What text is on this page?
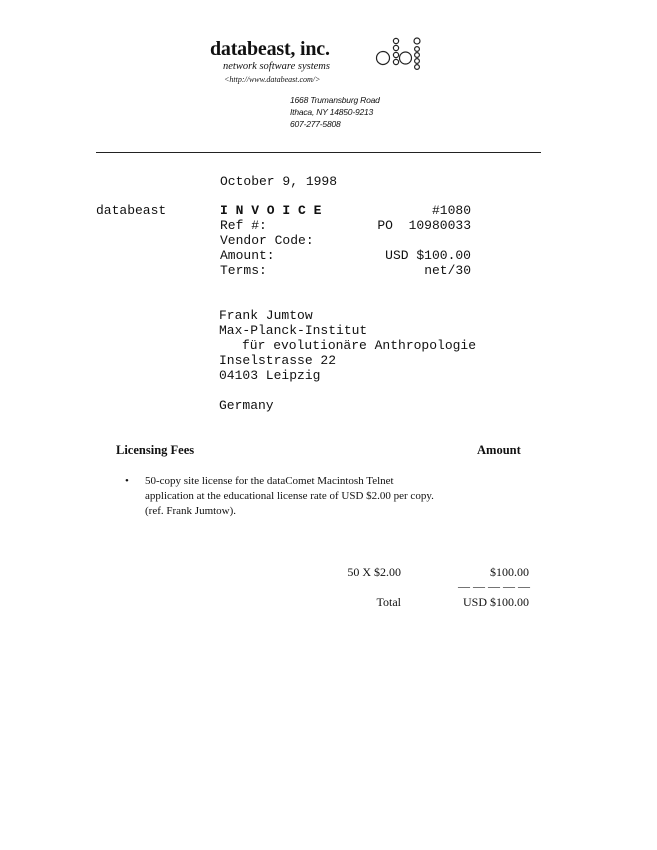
databeast, inc.
network software systems
<http://www.databeast.com/>
1668 Trumansburg Road
Ithaca, NY 14850-9213
607-277-5808
October 9, 1998
databeast	I N V O I C E	#1080
Ref #:	PO  10980033
Vendor Code:
Amount:	USD $100.00
Terms:	net/30
Frank Jumtow
Max-Planck-Institut
für evolutionäre Anthropologie
Inselstrasse 22
04103 Leipzig
Germany
Licensing Fees	Amount
• 50-copy site license for the dataComet Macintosh Telnet
application at the educational license rate of USD $2.00 per copy.
(ref. Frank Jumtow).
50 X $2.00	$100.00
— — — — —
Total	USD $100.00
